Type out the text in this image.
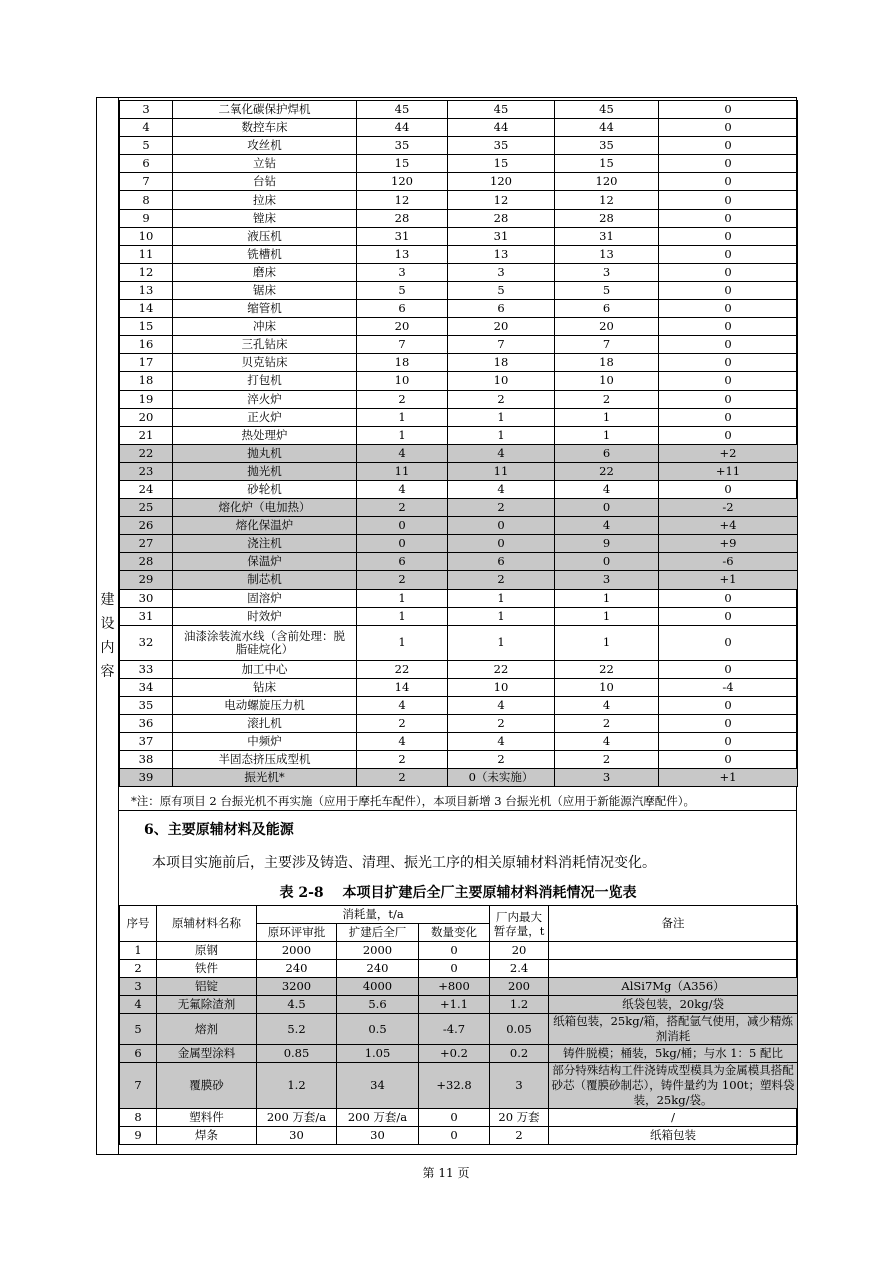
建
设
内
容
3	二氧化碳保护焊机	45	45	45	0
4	数控车床	44	44	44	0
5	攻丝机	35	35	35	0
6	立钻	15	15	15	0
7	台钻	120	120	120	0
8	拉床	12	12	12	0
9	镗床	28	28	28	0
10	液压机	31	31	31	0
11	铣槽机	13	13	13	0
12	磨床	3	3	3	0
13	锯床	5	5	5	0
14	缩管机	6	6	6	0
15	冲床	20	20	20	0
16	三孔钻床	7	7	7	0
17	贝克钻床	18	18	18	0
18	打包机	10	10	10	0
19	淬火炉	2	2	2	0
20	正火炉	1	1	1	0
21	热处理炉	1	1	1	0
22	抛丸机	4	4	6	+2
23	抛光机	11	11	22	+11
24	砂轮机	4	4	4	0
25	熔化炉（电加热）	2	2	0	-2
26	熔化保温炉	0	0	4	+4
27	浇注机	0	0	9	+9
28	保温炉	6	6	0	-6
29	制芯机	2	2	3	+1
30	固溶炉	1	1	1	0
31	时效炉	1	1	1	0
32	油漆涂装流水线（含前处理：脱脂硅烷化）	1	1	1	0
33	加工中心	22	22	22	0
34	钻床	14	10	10	-4
35	电动螺旋压力机	4	4	4	0
36	滚扎机	2	2	2	0
37	中频炉	4	4	4	0
38	半固态挤压成型机	2	2	2	0
39	振光机*	2	0（未实施）	3	+1
*注：原有项目 2 台振光机不再实施（应用于摩托车配件），本项目新增 3 台振光机（应用于新能源汽摩配件）。
6、主要原辅材料及能源
本项目实施前后，主要涉及铸造、清理、振光工序的相关原辅材料消耗情况变化。
表 2-8　 本项目扩建后全厂主要原辅材料消耗情况一览表
序号	原辅材料名称	消耗量，t/a			厂内最大暂存量，t	备注
		原环评审批	扩建后全厂	数量变化		
1	原钢	2000	2000	0	20	
2	铁件	240	240	0	2.4	
3	铝锭	3200	4000	+800	200	AlSi7Mg（A356）
4	无氟除渣剂	4.5	5.6	+1.1	1.2	纸袋包装，20kg/袋
5	熔剂	5.2	0.5	-4.7	0.05	纸箱包装，25kg/箱，搭配氩气使用，减少精炼剂消耗
6	金属型涂料	0.85	1.05	+0.2	0.2	铸件脱模；桶装，5kg/桶；与水 1：5 配比
7	覆膜砂	1.2	34	+32.8	3	部分特殊结构工件浇铸成型模具为金属模具搭配砂芯（覆膜砂制芯），铸件量约为 100t；塑料袋装，25kg/袋。
8	塑料件	200 万套/a	200 万套/a	0	20 万套	/
9	焊条	30	30	0	2	纸箱包装
第 11 页
